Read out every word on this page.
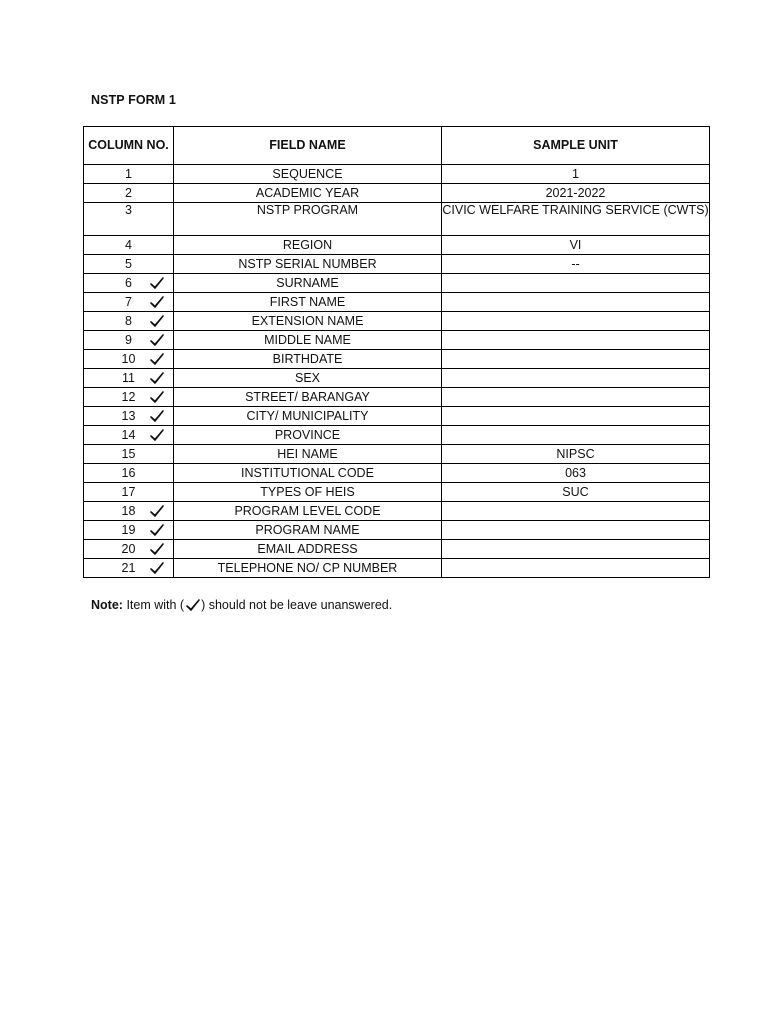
NSTP FORM 1
COLUMN NO.	FIELD NAME	SAMPLE UNIT
1	SEQUENCE	1
2	ACADEMIC YEAR	2021-2022
3	NSTP PROGRAM	CIVIC WELFARE TRAINING SERVICE (CWTS)
4	REGION	VI
5	NSTP SERIAL NUMBER	--
6	SURNAME	
7	FIRST NAME	
8	EXTENSION NAME	
9	MIDDLE NAME	
10	BIRTHDATE	
11	SEX	
12	STREET/ BARANGAY	
13	CITY/ MUNICIPALITY	
14	PROVINCE	
15	HEI NAME	NIPSC
16	INSTITUTIONAL CODE	063
17	TYPES OF HEIS	SUC
18	PROGRAM LEVEL CODE	
19	PROGRAM NAME	
20	EMAIL ADDRESS	
21	TELEPHONE NO/ CP NUMBER	
Note: Item with ( ) should not be leave unanswered.
